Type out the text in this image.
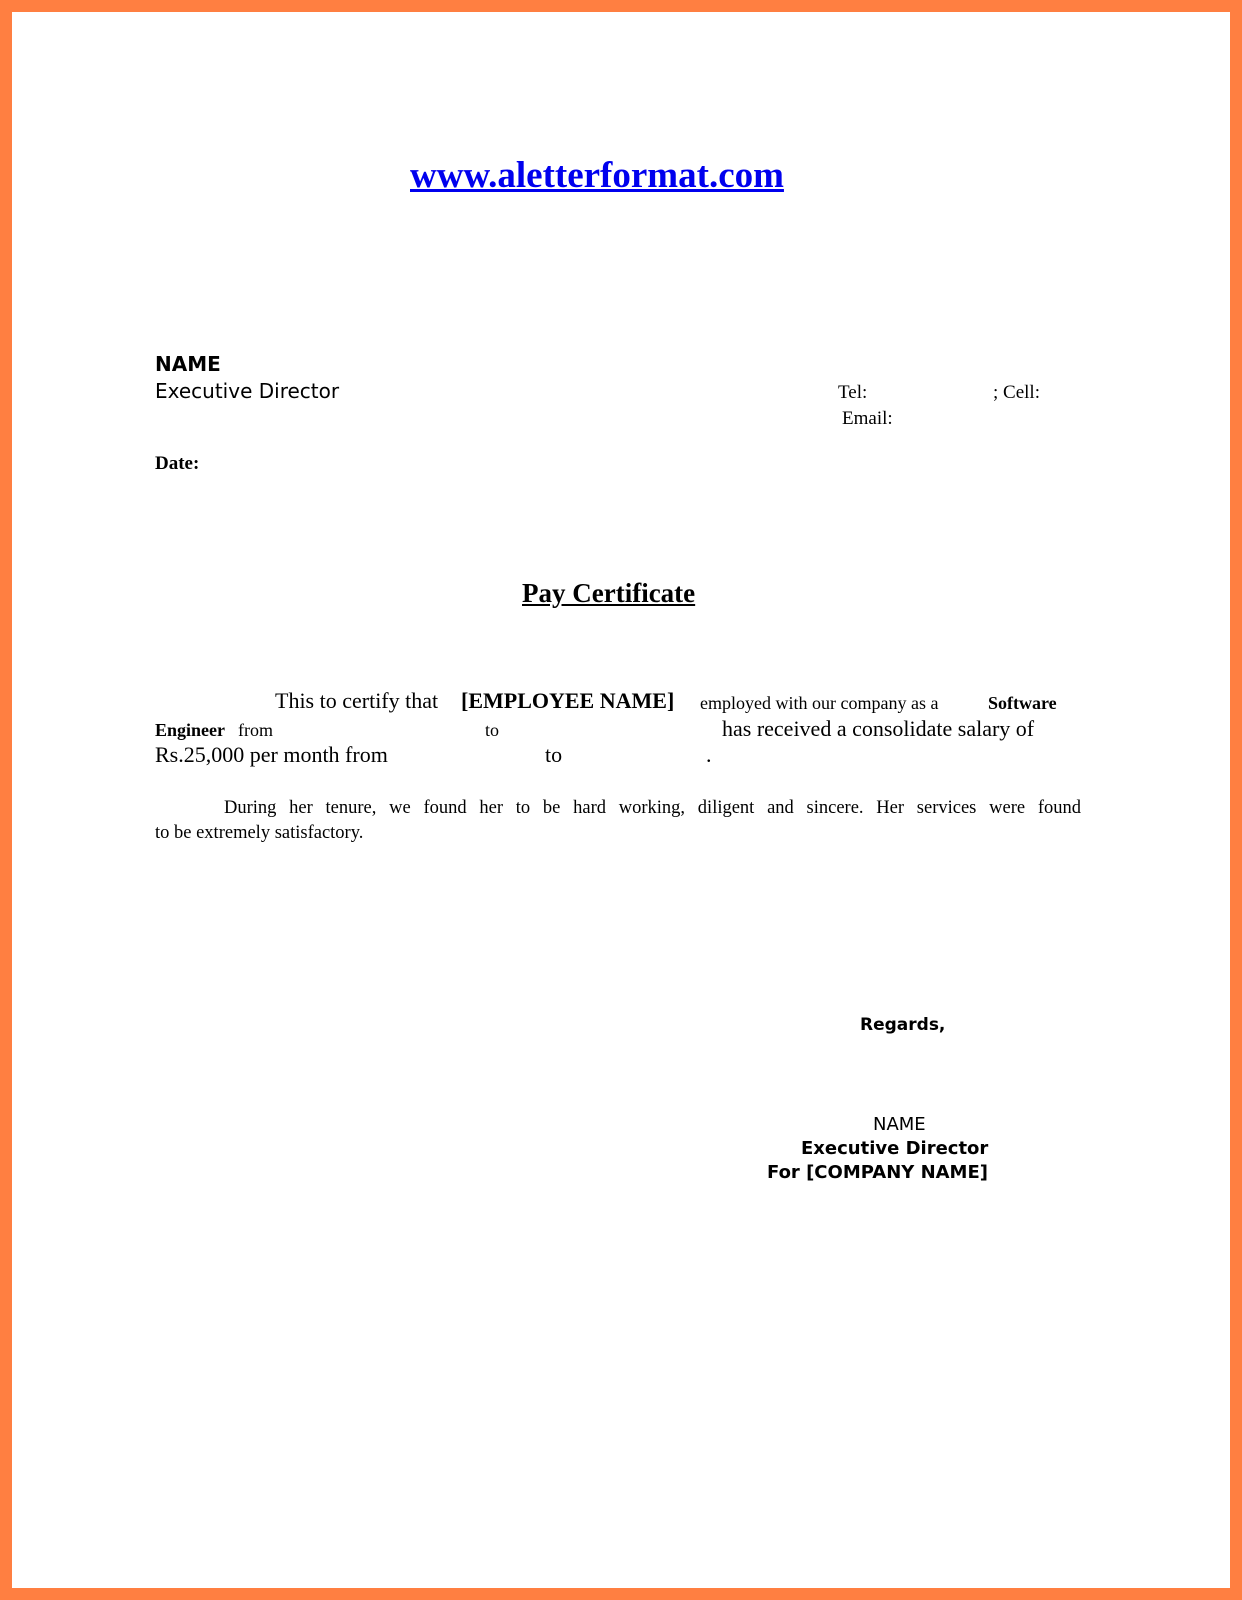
www.aletterformat.com
NAME
Executive Director	Tel:	; Cell:
Email:
Date:
Pay Certificate
This to certify that [EMPLOYEE NAME] employed with our company as a	Software
Engineer from	to	has received a consolidate salary of
Rs.25,000 per month from	to	.
During her tenure, we found her to be hard working, diligent and sincere. Her services were found
to be extremely satisfactory.
Regards,
NAME
Executive Director
For [COMPANY NAME]
